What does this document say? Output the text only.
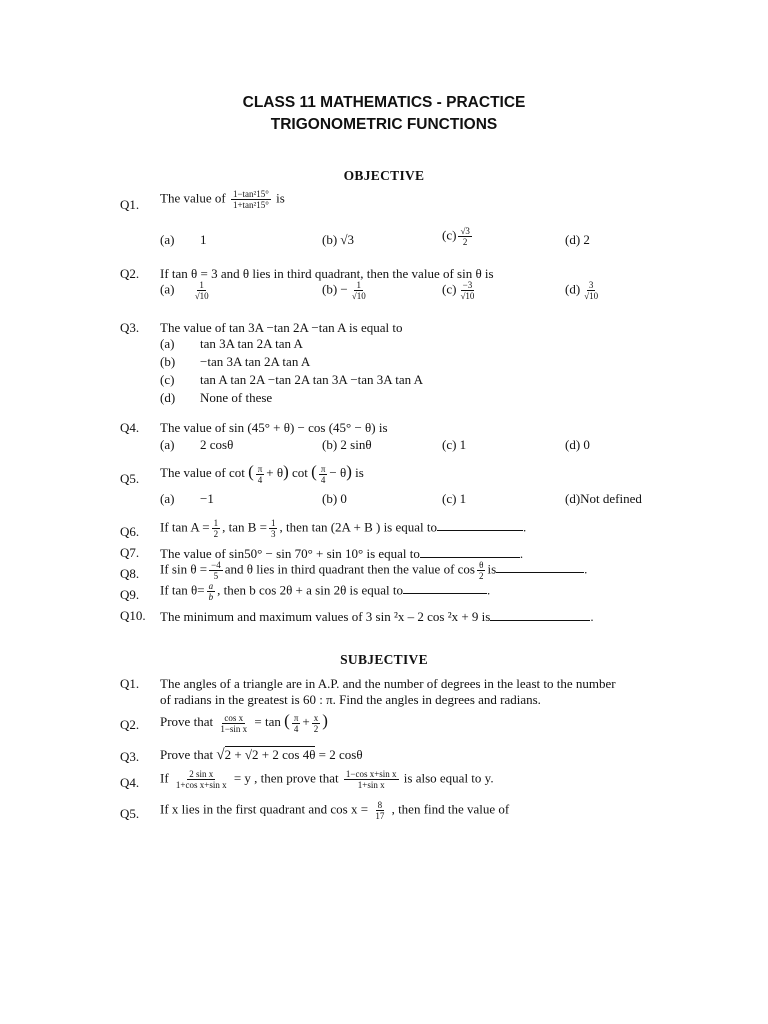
CLASS 11 MATHEMATICS - PRACTICE
TRIGONOMETRIC FUNCTIONS
OBJECTIVE
Q1. The value of $\frac{\text{1−tan²15°}}{\text{1+tan²15°}}$ is
(a) 1	(b) √3	$(c) \frac{√3}{2}$	(d) 2
Q2. If tan θ = 3 and θ lies in third quadrant, then the value of sin θ is
$(a) \frac{1}{√10}$	$(b) - \frac{1}{√10}$	$(c) \frac{-3}{√10}$	$(d) \frac{3}{√10}$
Q3. The value of tan 3A −tan 2A −tan A is equal to
(a) tan 3A tan 2A tan A
(b) −tan 3A tan 2A tan A
(c) tan A tan 2A −tan 2A tan 3A −tan 3A tan A
(d) None of these
Q4. The value of sin (45° + θ) − cos (45° − θ) is
(a) 2 cosθ	(b) 2 sinθ	(c) 1	(d) 0
Q5. The value of cot ( $\frac{\pi}{4} + \theta$) cot ( $\frac{\pi}{4} - \theta$) is
(a) −1	(b) 0	(c) 1	(d)Not defined
Q6. If $\tan A = \frac{1}{2}$ , $\tan B = \frac{1}{3}$ , then tan (2A + B ) is equal to	.
Q7. The value of sin50° − sin 70° + sin 10° is equal to	.
Q8. If $\sin \theta = \frac{-4}{5}$ and θ lies in third quadrant then the value of $\cos \frac{\theta}{2}$ is	.
Q9. If $\tan \theta= \frac{a}{b}$ , then b cos 2θ + a sin 2θ is equal to	.
Q10. The minimum and maximum values of 3 sin ²x – 2 cos ²x + 9 is	.
SUBJECTIVE
Q1. The angles of a triangle are in A.P. and the number of degrees in the least to the number
of radians in the greatest is 60 : π. Find the angles in degrees and radians.
Q2. Prove that $\frac{\text{cos x}}{\text{1−sin x}} = \tan$ ( $\frac{\pi}{4} + \frac{x}{2}$ )
Q3. Prove that √2 + √2 + 2 cos 4θ = 2 cosθ
Q4. If $\frac{\text{2 sin x}}{\text{1+cos x+sin x}} = y$ , then prove that $\frac{\text{1−cos x+sin x}}{\text{1+sin x}}$ is also equal to y.
Q5. If x lies in the first quadrant and $\cos x = \frac{8}{17}$ , then find the value of
